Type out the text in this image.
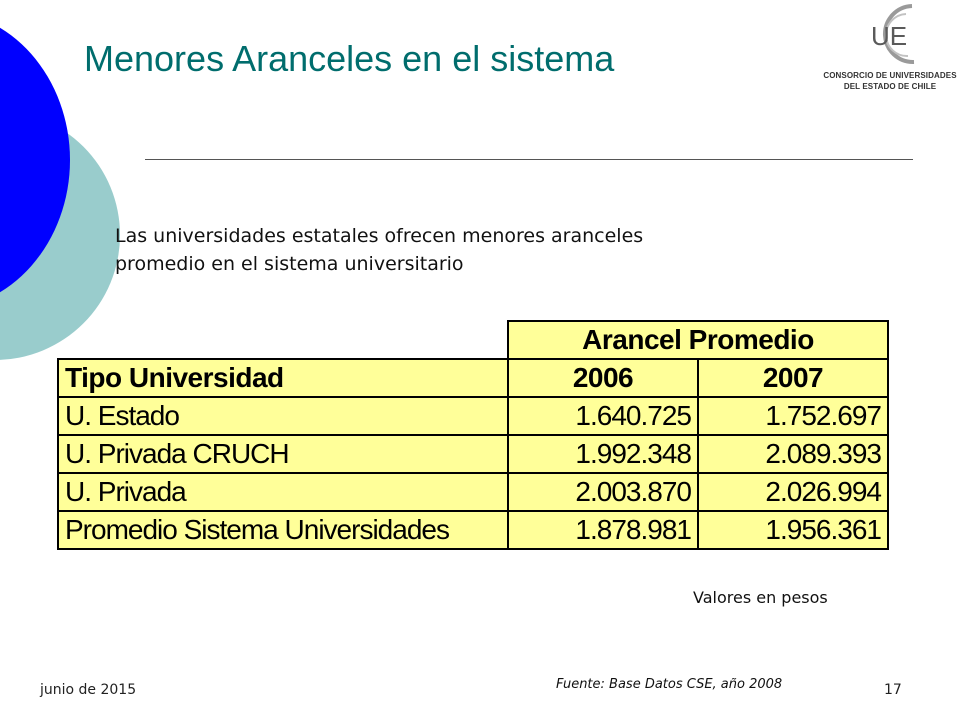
Menores Aranceles en el sistema
UE
CONSORCIO DE UNIVERSIDADES
DEL ESTADO DE CHILE
Las universidades estatales ofrecen menores aranceles promedio en el sistema universitario
	Arancel Promedio	
Tipo Universidad	2006	2007
U. Estado	1.640.725	1.752.697
U. Privada CRUCH	1.992.348	2.089.393
U. Privada	2.003.870	2.026.994
Promedio Sistema Universidades	1.878.981	1.956.361
Valores en pesos
junio de 2015	Fuente: Base Datos CSE, año 2008	17
